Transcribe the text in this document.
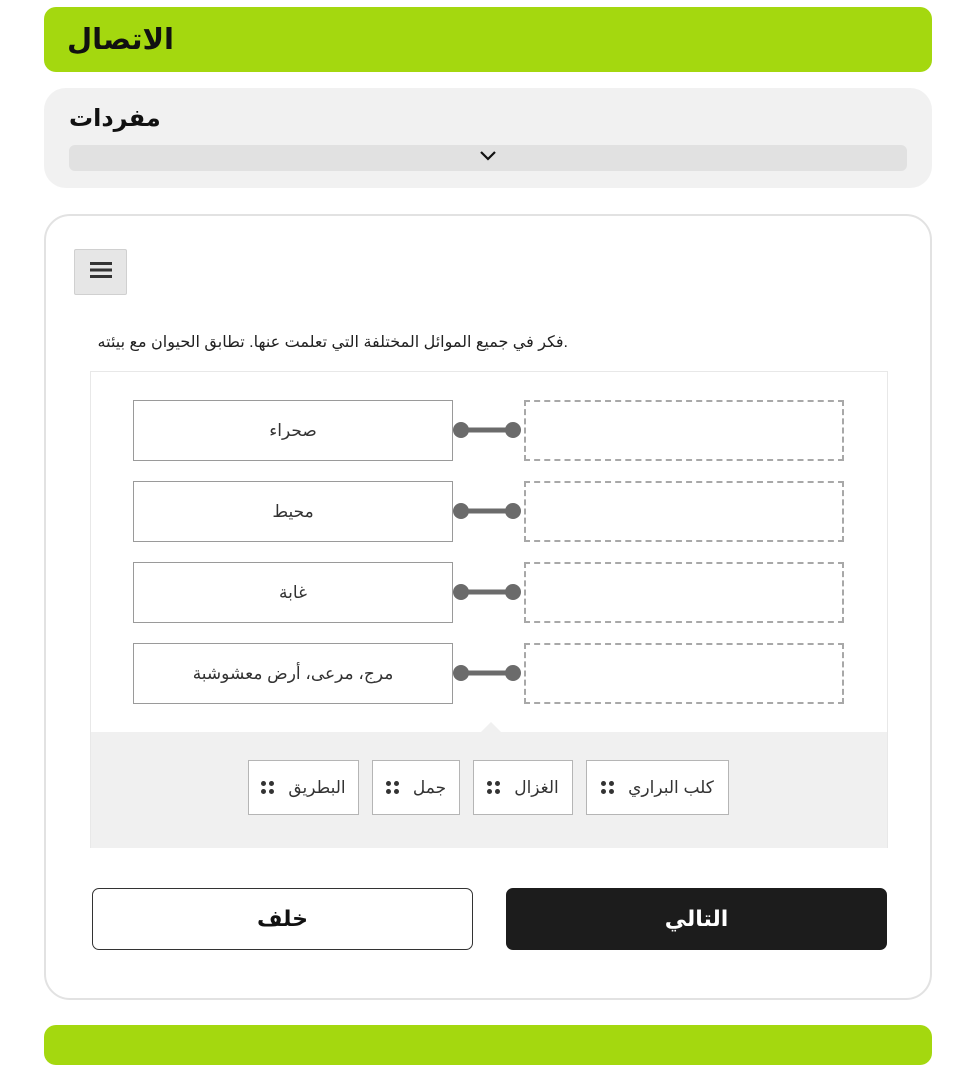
الاتصال
مفردات
.فكر في جميع الموائل المختلفة التي تعلمت عنها. تطابق الحيوان مع بيئته
صحراء
محيط
غابة
مرج، مرعى، أرض معشوشبة
كلب البراري
الغزال
جمل
البطريق
خلف	التالي
